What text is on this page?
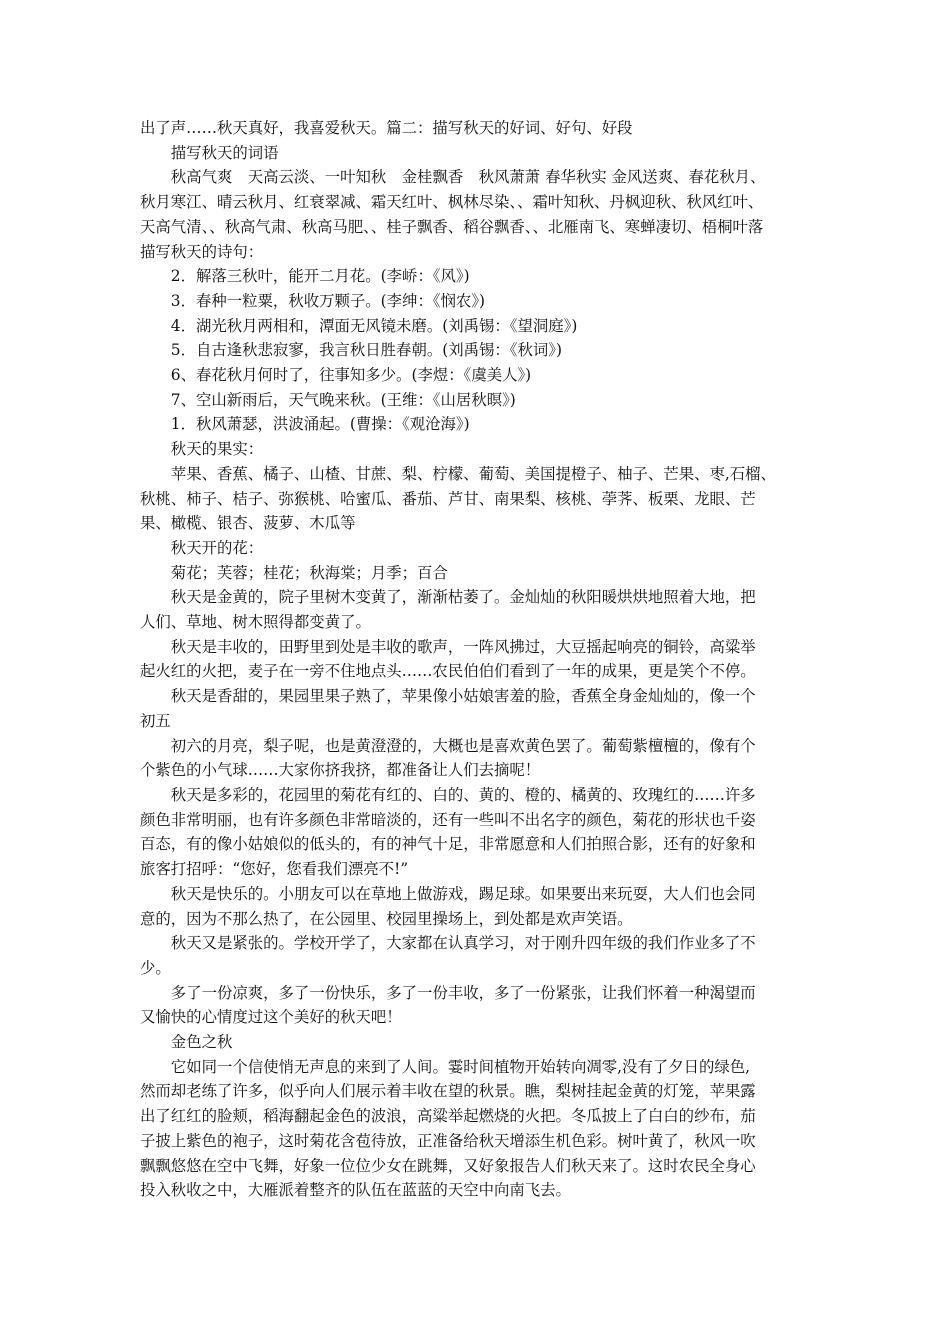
出了声……秋天真好，我喜爱秋天。篇二：描写秋天的好词、好句、好段

描写秋天的词语

秋高气爽　天高云淡、一叶知秋　金桂飘香　秋风萧萧 春华秋实 金风送爽、春花秋月、

秋月寒江、晴云秋月、红衰翠减、霜天红叶、枫林尽染、、霜叶知秋、丹枫迎秋、秋风红叶、

天高气清、、秋高气肃、秋高马肥、、桂子飘香、稻谷飘香、、北雁南飞、寒蝉凄切、梧桐叶落

描写秋天的诗句：

2．解落三秋叶，能开二月花。(李峤：《风》)

3．春种一粒粟，秋收万颗子。(李绅：《悯农》)

4．湖光秋月两相和，潭面无风镜未磨。(刘禹锡：《望洞庭》)

5．自古逢秋悲寂寥，我言秋日胜春朝。(刘禹锡：《秋词》)

6、春花秋月何时了，往事知多少。(李煜：《虞美人》)

7、空山新雨后，天气晚来秋。(王维：《山居秋暝》)

1．秋风萧瑟，洪波涌起。(曹操：《观沧海》)

秋天的果实：

苹果、香蕉、橘子、山楂、甘蔗、梨、柠檬、葡萄、美国提橙子、柚子、芒果、枣,石榴、

秋桃、柿子、桔子、弥猴桃、哈蜜瓜、番茄、芦甘、南果梨、核桃、荸荠、板栗、龙眼、芒

果、橄榄、银杏、菠萝、木瓜等

秋天开的花：

菊花；芙蓉；桂花；秋海棠；月季；百合

秋天是金黄的，院子里树木变黄了，渐渐枯萎了。金灿灿的秋阳暖烘烘地照着大地，把

人们、草地、树木照得都变黄了。

秋天是丰收的，田野里到处是丰收的歌声，一阵风拂过，大豆摇起响亮的铜铃，高粱举

起火红的火把，麦子在一旁不住地点头……农民伯伯们看到了一年的成果，更是笑个不停。

秋天是香甜的，果园里果子熟了，苹果像小姑娘害羞的脸，香蕉全身金灿灿的，像一个

初五

初六的月亮，梨子呢，也是黄澄澄的，大概也是喜欢黄色罢了。葡萄紫檀檀的，像有个

个紫色的小气球……大家你挤我挤，都准备让人们去摘呢！

秋天是多彩的，花园里的菊花有红的、白的、黄的、橙的、橘黄的、玫瑰红的……许多

颜色非常明丽，也有许多颜色非常暗淡的，还有一些叫不出名字的颜色，菊花的形状也千姿

百态，有的像小姑娘似的低头的，有的神气十足，非常愿意和人们拍照合影，还有的好象和

旅客打招呼：“您好，您看我们漂亮不!”

秋天是快乐的。小朋友可以在草地上做游戏，踢足球。如果要出来玩耍，大人们也会同

意的，因为不那么热了，在公园里、校园里操场上，到处都是欢声笑语。

秋天又是紧张的。学校开学了，大家都在认真学习，对于刚升四年级的我们作业多了不

少。

多了一份凉爽，多了一份快乐，多了一份丰收，多了一份紧张，让我们怀着一种渴望而

又愉快的心情度过这个美好的秋天吧！

金色之秋

它如同一个信使悄无声息的来到了人间。霎时间植物开始转向凋零,没有了夕日的绿色,

然而却老练了许多，似乎向人们展示着丰收在望的秋景。瞧，梨树挂起金黄的灯笼，苹果露

出了红红的脸颊，稻海翻起金色的波浪，高粱举起燃烧的火把。冬瓜披上了白白的纱布，茄

子披上紫色的袍子，这时菊花含苞待放，正准备给秋天增添生机色彩。树叶黄了，秋风一吹

飘飘悠悠在空中飞舞，好象一位位少女在跳舞，又好象报告人们秋天来了。这时农民全身心

投入秋收之中，大雁派着整齐的队伍在蓝蓝的天空中向南飞去。
